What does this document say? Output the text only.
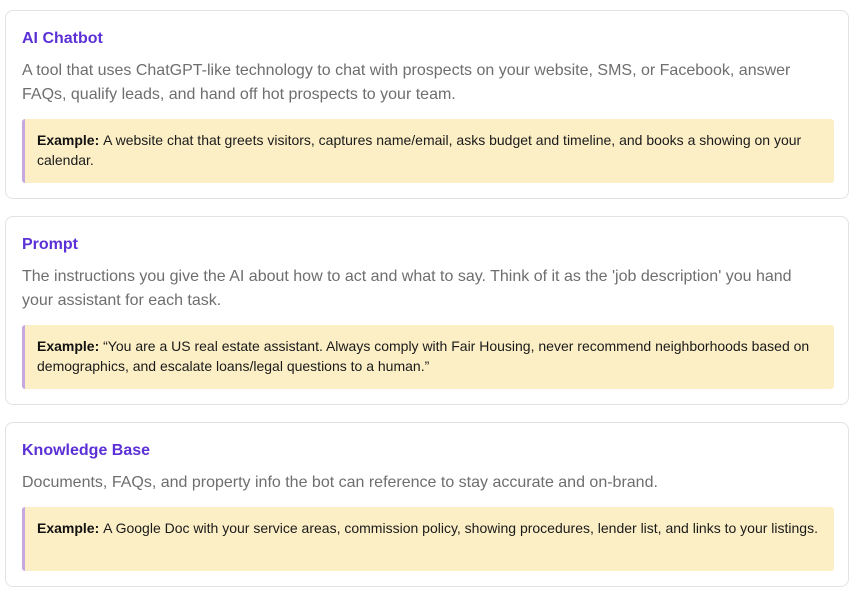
AI Chatbot

A tool that uses ChatGPT-like technology to chat with prospects on your website, SMS, or Facebook, answer FAQs, qualify leads, and hand off hot prospects to your team.

Example: A website chat that greets visitors, captures name/email, asks budget and timeline, and books a showing on your calendar.
Prompt

The instructions you give the AI about how to act and what to say. Think of it as the 'job description' you hand your assistant for each task.

Example: “You are a US real estate assistant. Always comply with Fair Housing, never recommend neighborhoods based on demographics, and escalate loans/legal questions to a human.”
Knowledge Base

Documents, FAQs, and property info the bot can reference to stay accurate and on-brand.

Example: A Google Doc with your service areas, commission policy, showing procedures, lender list, and links to your listings.
